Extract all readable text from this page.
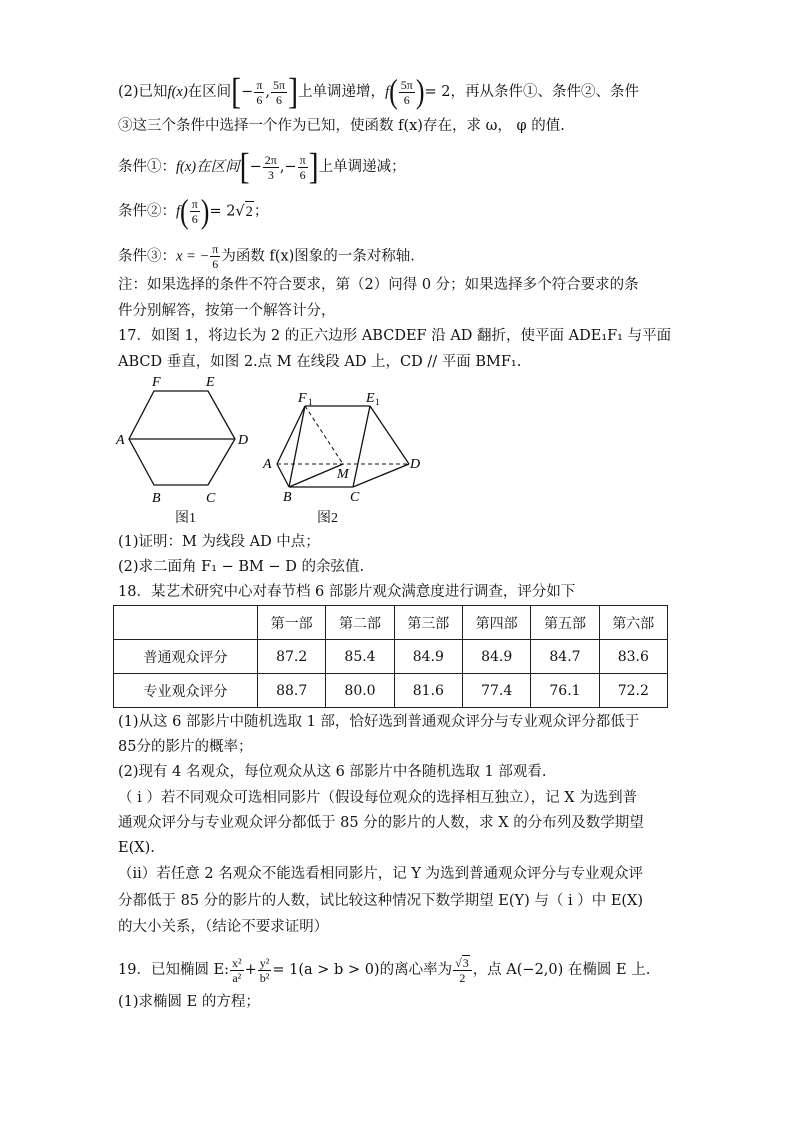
(2)已知f(x)在区间[− $\frac{\pi}{6}$ , $\frac{5\pi}{6}$ ]上单调递增，$f( \frac{5\pi}{6}$ )= 2，再从条件①、条件②、条件
③这三个条件中选择一个作为已知，使函数 f(x)存在，求 ω， φ 的值.
条件①：f(x)在区间[− $\frac{2\pi}{3}$ ,− $\frac{\pi}{6}$ ]上单调递减；
条件②：$f( \frac{\pi}{6}$ )= 2√2；
条件③：x = − $\frac{\pi}{6}$ 为函数 f(x)图象的一条对称轴.
注：如果选择的条件不符合要求，第（2）问得 0 分；如果选择多个符合要求的条
件分别解答，按第一个解答计分，
17．如图 1，将边长为 2 的正六边形 ABCDEF 沿 AD 翻折，使平面 ADE₁F₁ 与平面
ABCD 垂直，如图 2.点 M 在线段 AD 上，CD // 平面 BMF₁.
F	E
A	D
B	C
图1
F 1	E 1
A	D
M
B	C
图2
(1)证明：M 为线段 AD 中点；
(2)求二面角 F₁ − BM − D 的余弦值.
18．某艺术研究中心对春节档 6 部影片观众满意度进行调查，评分如下
	第一部	第二部	第三部	第四部	第五部	第六部
普通观众评分	87.2	85.4	84.9	84.9	84.7	83.6
专业观众评分	88.7	80.0	81.6	77.4	76.1	72.2
(1)从这 6 部影片中随机选取 1 部，恰好选到普通观众评分与专业观众评分都低于
85分的影片的概率；
(2)现有 4 名观众，每位观众从这 6 部影片中各随机选取 1 部观看.
（ i ）若不同观众可选相同影片（假设每位观众的选择相互独立），记 X 为选到普
通观众评分与专业观众评分都低于 85 分的影片的人数，求 X 的分布列及数学期望
E(X).
（ii）若任意 2 名观众不能选看相同影片，记 Y 为选到普通观众评分与专业观众评
分都低于 85 分的影片的人数，试比较这种情况下数学期望 E(Y) 与（ i ）中 E(X)
的大小关系，（结论不要求证明）
19．已知椭圆 E: $\frac{\text{x²}}{\text{a²}} + \frac{\text{y²}}{\text{b²}} = 1(a > b > 0)$的离心率为 $\frac{√3}{2}$ ，点 A(−2,0) 在椭圆 E 上.
(1)求椭圆 E 的方程；
